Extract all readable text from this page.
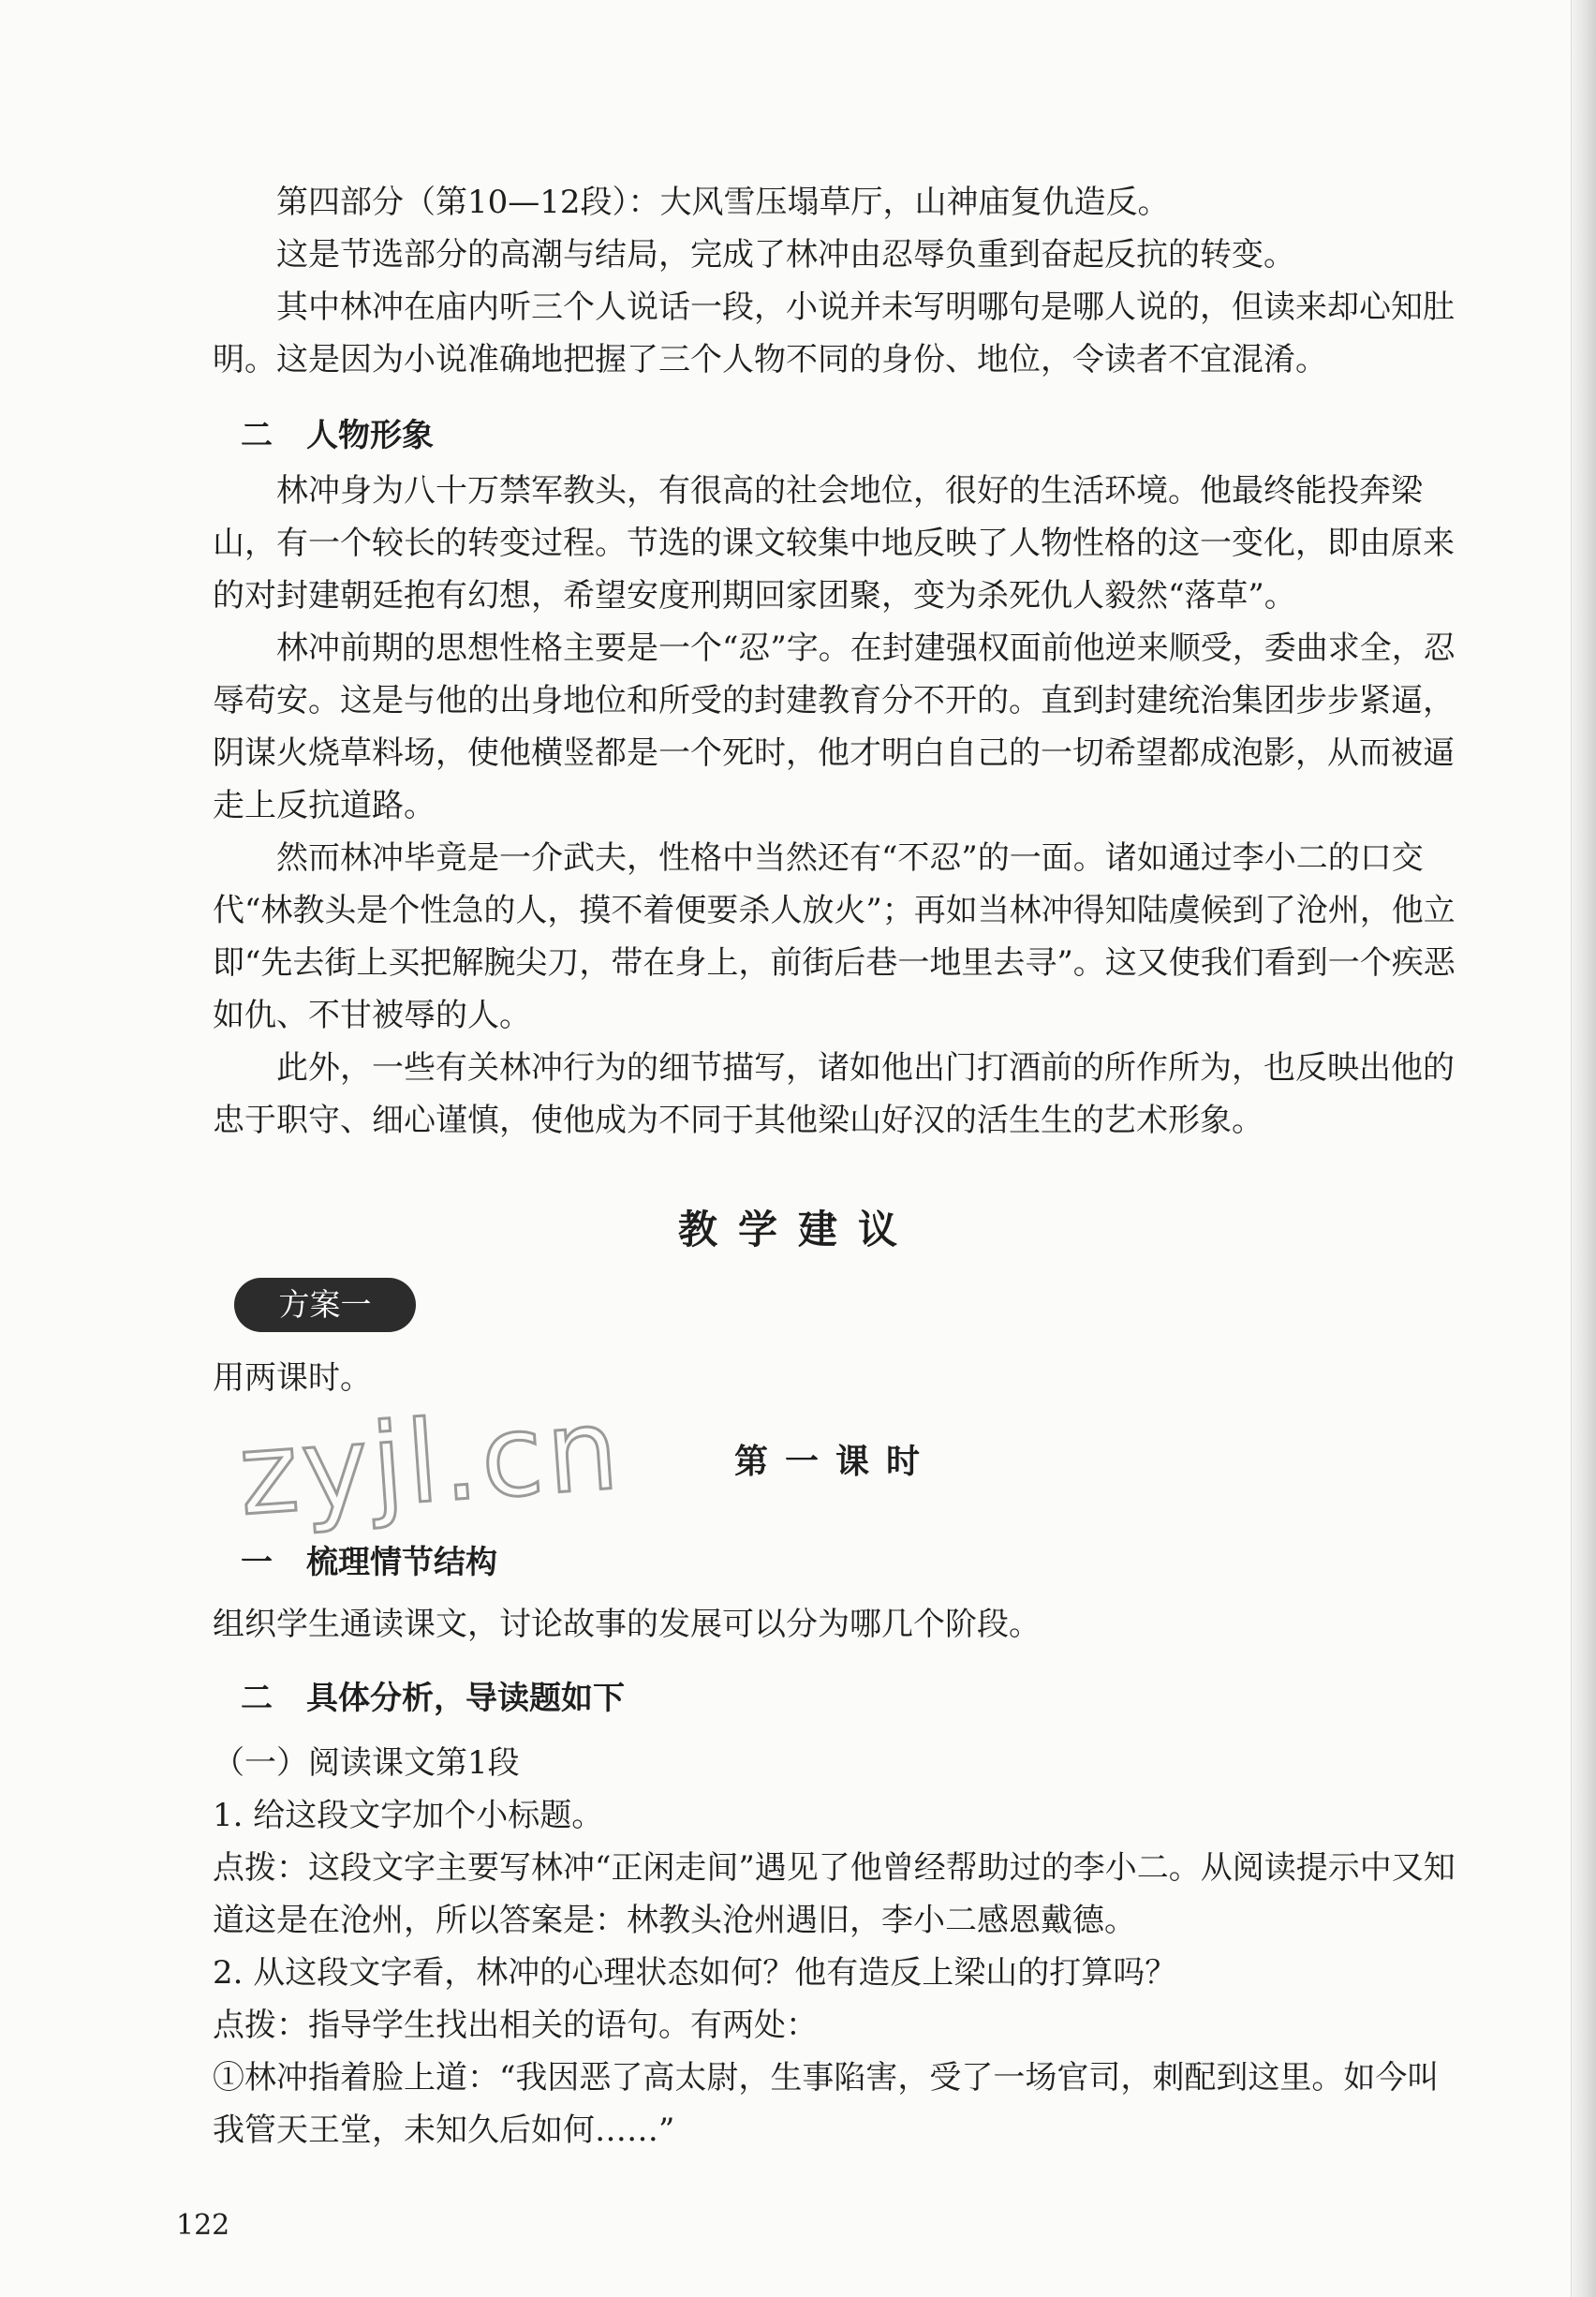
第四部分（第10—12段）：大风雪压塌草厅，山神庙复仇造反。

这是节选部分的高潮与结局，完成了林冲由忍辱负重到奋起反抗的转变。

其中林冲在庙内听三个人说话一段，小说并未写明哪句是哪人说的，但读来却心知肚明。这是因为小说准确地把握了三个人物不同的身份、地位，令读者不宜混淆。

二 人物形象

林冲身为八十万禁军教头，有很高的社会地位，很好的生活环境。他最终能投奔梁山，有一个较长的转变过程。节选的课文较集中地反映了人物性格的这一变化，即由原来的对封建朝廷抱有幻想，希望安度刑期回家团聚，变为杀死仇人毅然“落草”。

林冲前期的思想性格主要是一个“忍”字。在封建强权面前他逆来顺受，委曲求全，忍辱苟安。这是与他的出身地位和所受的封建教育分不开的。直到封建统治集团步步紧逼，阴谋火烧草料场，使他横竖都是一个死时，他才明白自己的一切希望都成泡影，从而被逼走上反抗道路。

然而林冲毕竟是一介武夫，性格中当然还有“不忍”的一面。诸如通过李小二的口交代“林教头是个性急的人，摸不着便要杀人放火”；再如当林冲得知陆虞候到了沧州，他立即“先去街上买把解腕尖刀，带在身上，前街后巷一地里去寻”。这又使我们看到一个疾恶如仇、不甘被辱的人。

此外，一些有关林冲行为的细节描写，诸如他出门打酒前的所作所为，也反映出他的忠于职守、细心谨慎，使他成为不同于其他梁山好汉的活生生的艺术形象。

教学建议
方案一

用两课时。

zyjl.cn	第一课时

一 梳理情节结构

组织学生通读课文，讨论故事的发展可以分为哪几个阶段。

二 具体分析，导读题如下

（一）阅读课文第1段

1. 给这段文字加个小标题。

点拨：这段文字主要写林冲“正闲走间”遇见了他曾经帮助过的李小二。从阅读提示中又知道这是在沧州，所以答案是：林教头沧州遇旧，李小二感恩戴德。

2. 从这段文字看，林冲的心理状态如何？他有造反上梁山的打算吗？

点拨：指导学生找出相关的语句。有两处：

①林冲指着脸上道：“我因恶了高太尉，生事陷害，受了一场官司，刺配到这里。如今叫我管天王堂，未知久后如何……”

122
